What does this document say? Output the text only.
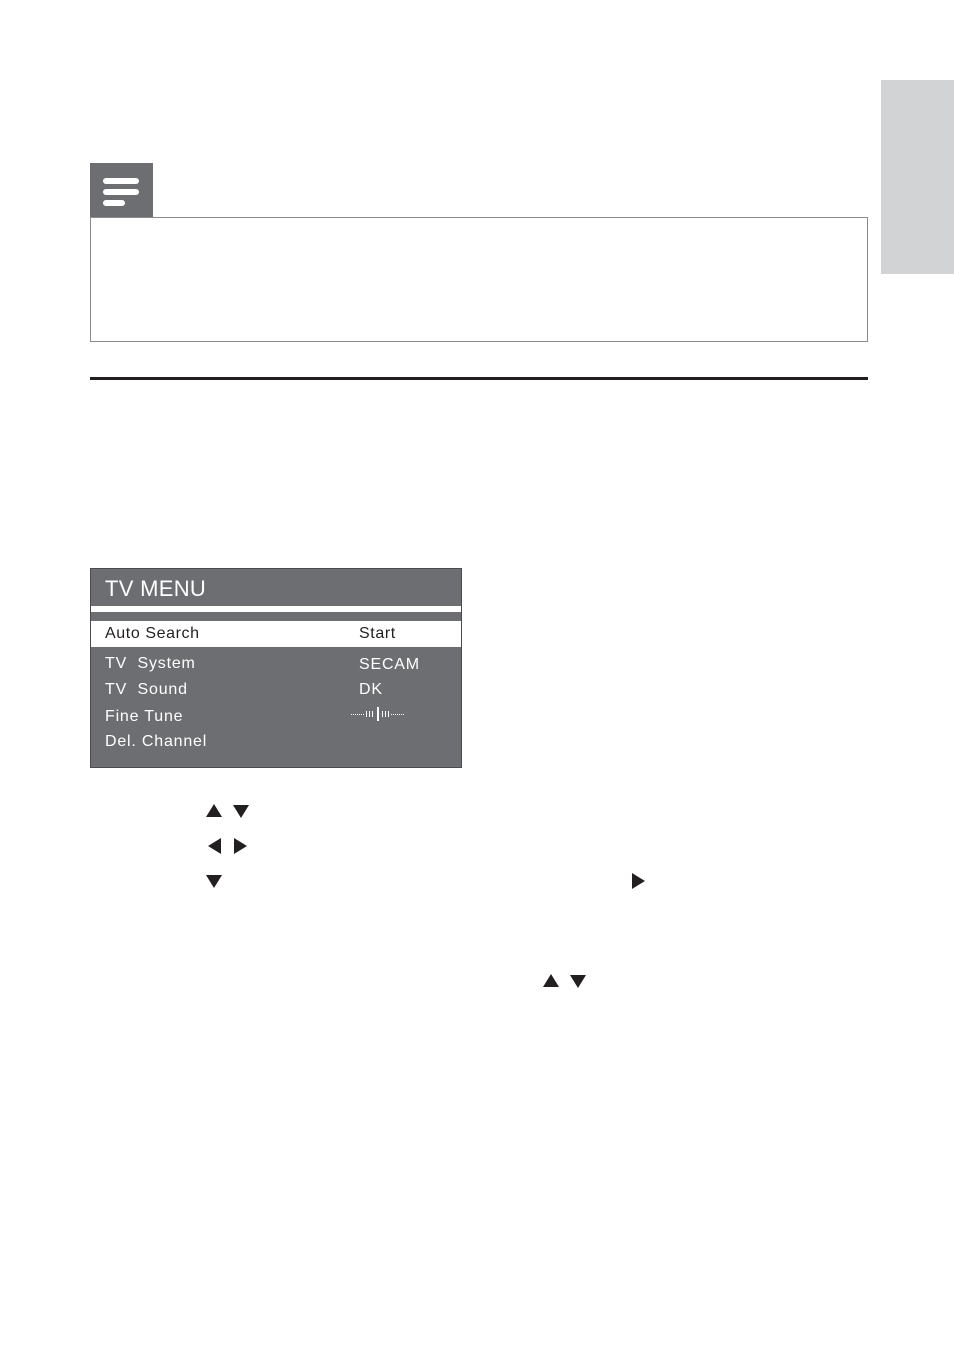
TV MENU
Auto Search	Start
TV  System	SECAM
TV  Sound	DK
Fine Tune
Del. Channel
